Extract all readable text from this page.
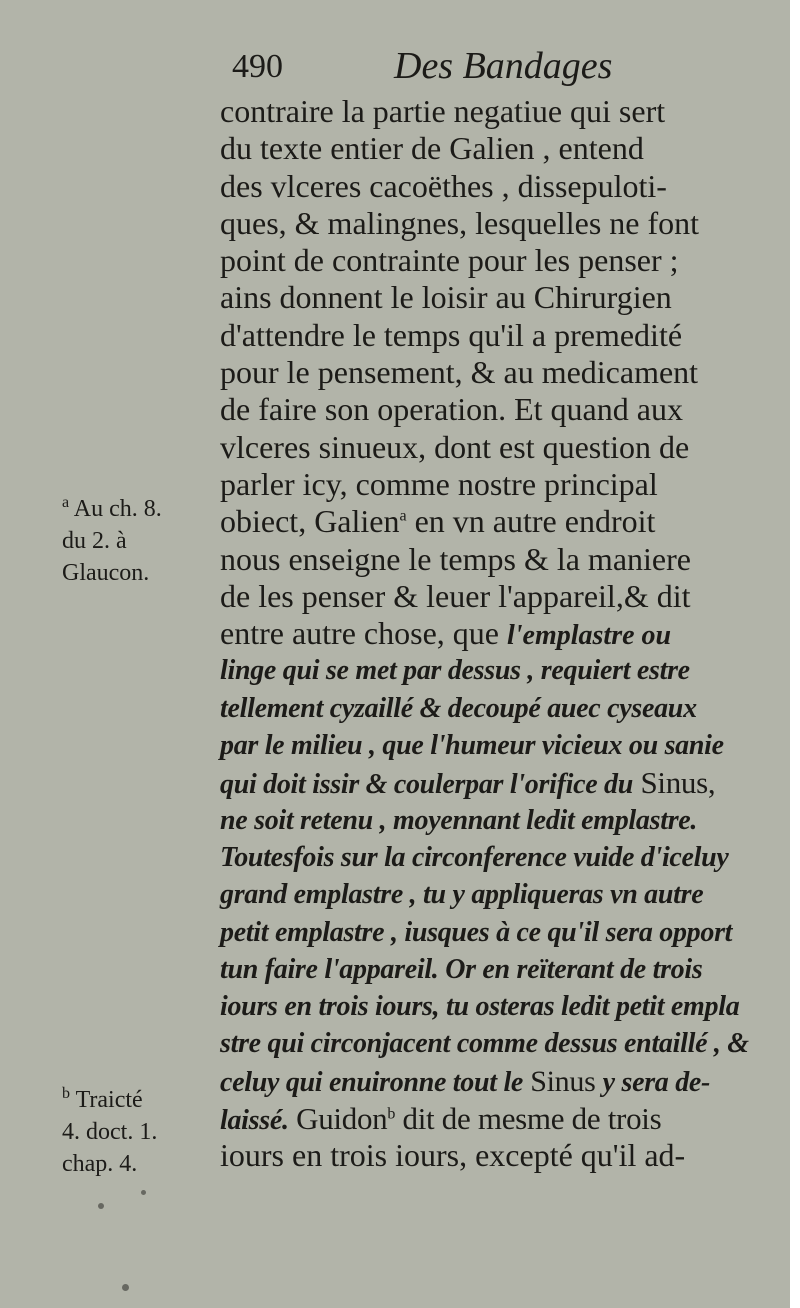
490	Des Bandages
contraire la partie negatiue qui sert
du texte entier de Galien , entend
des vlceres cacoëthes , dissepuloti-
ques, & malingnes, lesquelles ne font
point de contrainte pour les penser ;
ains donnent le loisir au Chirurgien
d'attendre le temps qu'il a premedité
pour le pensement, & au medicament
de faire son operation. Et quand aux
vlceres sinueux, dont est question de
parler icy, comme nostre principal
obiect, Galien$^a$ en vn autre endroit
nous enseigne le temps & la maniere
de les penser & leuer l'appareil,& dit
entre autre chose, que l'emplastre ou
linge qui se met par dessus , requiert estre
tellement cyzaillé & decoupé auec cyseaux
par le milieu , que l'humeur vicieux ou sanie
qui doit issir & coulerpar l'orifice du Sinus,
ne soit retenu , moyennant ledit emplastre.
Toutesfois sur la circonference vuide d'iceluy
grand emplastre , tu y appliqueras vn autre
petit emplastre , iusques à ce qu'il sera opport
tun faire l'appareil. Or en reïterant de trois
iours en trois iours, tu osteras ledit petit empla
stre qui circonjacent comme dessus entaillé , &
celuy qui enuironne tout le Sinus y sera de-
laissé. Guidon$^b$ dit de mesme de trois
iours en trois iours, excepté qu'il ad-
$^a$ Au ch. 8.
du 2. à
Glaucon.
$^b$ Traicté
4. doct. 1.
chap. 4.
